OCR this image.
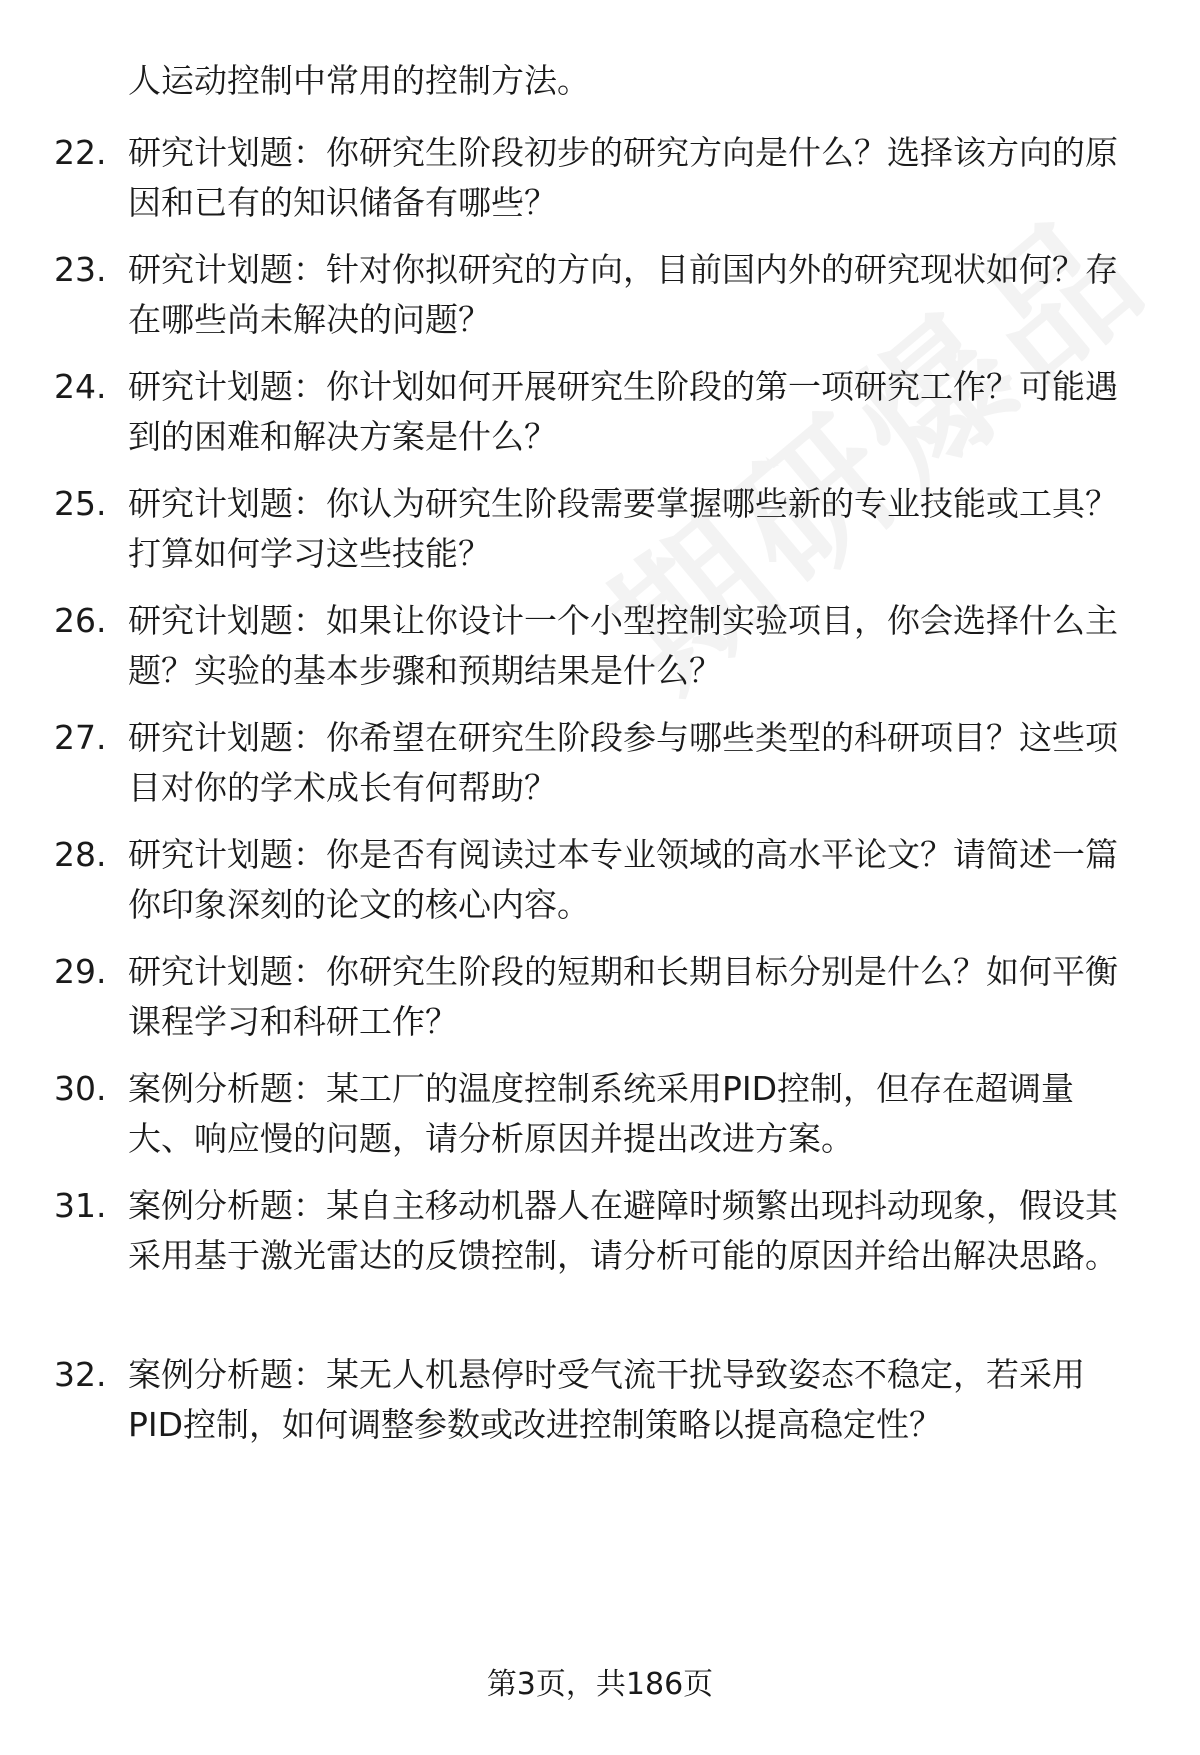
人运动控制中常用的控制方法。
22. 研究计划题：你研究生阶段初步的研究方向是什么？选择该方向的原因和已有的知识储备有哪些？
23. 研究计划题：针对你拟研究的方向，目前国内外的研究现状如何？存在哪些尚未解决的问题？
24. 研究计划题：你计划如何开展研究生阶段的第一项研究工作？可能遇到的困难和解决方案是什么？
25. 研究计划题：你认为研究生阶段需要掌握哪些新的专业技能或工具？打算如何学习这些技能？
26. 研究计划题：如果让你设计一个小型控制实验项目，你会选择什么主题？实验的基本步骤和预期结果是什么？
27. 研究计划题：你希望在研究生阶段参与哪些类型的科研项目？这些项目对你的学术成长有何帮助？
28. 研究计划题：你是否有阅读过本专业领域的高水平论文？请简述一篇你印象深刻的论文的核心内容。
29. 研究计划题：你研究生阶段的短期和长期目标分别是什么？如何平衡课程学习和科研工作？
30. 案例分析题：某工厂的温度控制系统采用PID控制，但存在超调量大、响应慢的问题，请分析原因并提出改进方案。
31. 案例分析题：某自主移动机器人在避障时频繁出现抖动现象，假设其采用基于激光雷达的反馈控制，请分析可能的原因并给出解决思路。
32. 案例分析题：某无人机悬停时受气流干扰导致姿态不稳定，若采用PID控制，如何调整参数或改进控制策略以提高稳定性？
第3页，共186页
